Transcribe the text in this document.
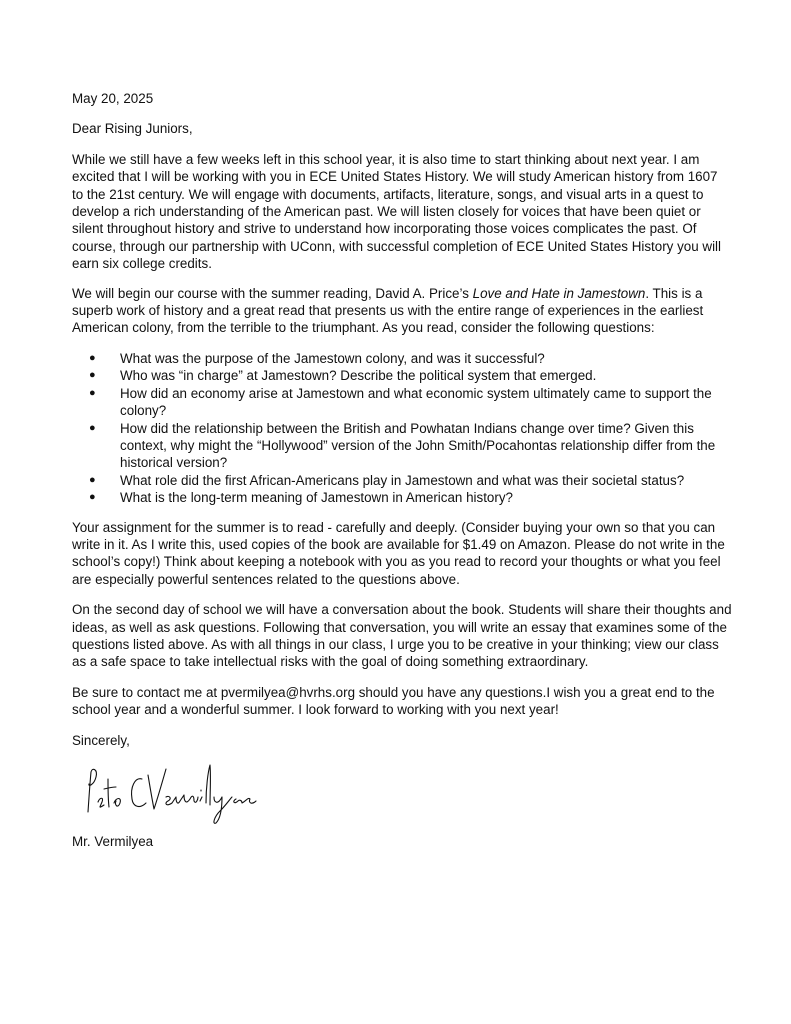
May 20, 2025

Dear Rising Juniors,

While we still have a few weeks left in this school year, it is also time to start thinking about next year. I am excited that I will be working with you in ECE United States History. We will study American history from 1607 to the 21st century. We will engage with documents, artifacts, literature, songs, and visual arts in a quest to develop a rich understanding of the American past. We will listen closely for voices that have been quiet or silent throughout history and strive to understand how incorporating those voices complicates the past. Of course, through our partnership with UConn, with successful completion of ECE United States History you will earn six college credits.

We will begin our course with the summer reading, David A. Price’s Love and Hate in Jamestown. This is a superb work of history and a great read that presents us with the entire range of experiences in the earliest American colony, from the terrible to the triumphant. As you read, consider the following questions:

● What was the purpose of the Jamestown colony, and was it successful?
● Who was “in charge” at Jamestown? Describe the political system that emerged.
● How did an economy arise at Jamestown and what economic system ultimately came to support the colony?
● How did the relationship between the British and Powhatan Indians change over time? Given this context, why might the “Hollywood” version of the John Smith/Pocahontas relationship differ from the historical version?
● What role did the first African-Americans play in Jamestown and what was their societal status?
● What is the long-term meaning of Jamestown in American history?

Your assignment for the summer is to read - carefully and deeply. (Consider buying your own so that you can write in it. As I write this, used copies of the book are available for $1.49 on Amazon. Please do not write in the school’s copy!) Think about keeping a notebook with you as you read to record your thoughts or what you feel are especially powerful sentences related to the questions above.

On the second day of school we will have a conversation about the book. Students will share their thoughts and ideas, as well as ask questions. Following that conversation, you will write an essay that examines some of the questions listed above. As with all things in our class, I urge you to be creative in your thinking; view our class as a safe space to take intellectual risks with the goal of doing something extraordinary.

Be sure to contact me at pvermilyea@hvrhs.org should you have any questions.I wish you a great end to the school year and a wonderful summer. I look forward to working with you next year!

Sincerely,

Mr. Vermilyea
